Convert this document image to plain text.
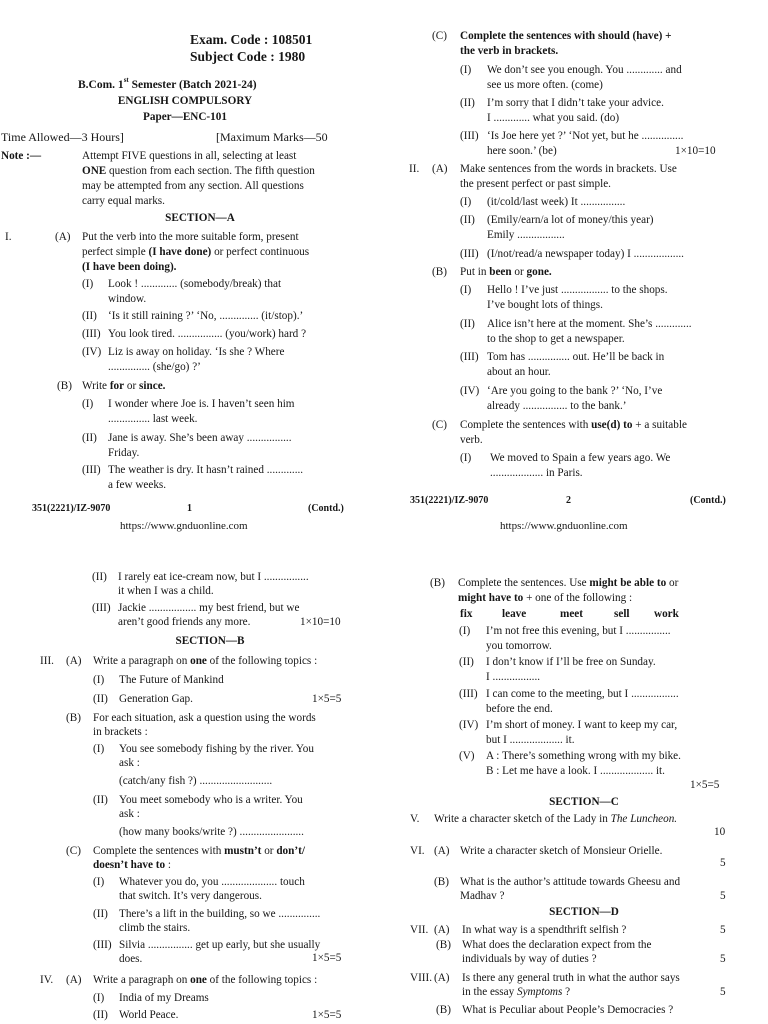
Exam. Code : 108501
Subject Code : 1980
B.Com. 1st Semester (Batch 2021-24)
ENGLISH COMPULSORY
Paper—ENC-101
Time Allowed—3 Hours]	[Maximum Marks—50
Note :—	Attempt FIVE questions in all, selecting at least
ONE question from each section. The fifth question
may be attempted from any section. All questions
carry equal marks.
SECTION—A
I.	(A) Put the verb into the more suitable form, present
perfect simple (I have done) or perfect continuous
(I have been doing).
(I) Look ! ............. (somebody/break) that
window.
(II) ‘Is it still raining ?’ ‘No, .............. (it/stop).’
(III) You look tired. ................ (you/work) hard ?
(IV) Liz is away on holiday. ‘Is she ? Where
............... (she/go) ?’
(B) Write for or since.
(I) I wonder where Joe is. I haven’t seen him
............... last week.
(II) Jane is away. She’s been away ................
Friday.
(III) The weather is dry. It hasn’t rained .............
a few weeks.
351(2221)/IZ-9070	1	(Contd.)
https://www.gnduonline.com
(C) Complete the sentences with should (have) +
the verb in brackets.
(I) We don’t see you enough. You ............. and
see us more often. (come)
(II) I’m sorry that I didn’t take your advice.
I ............. what you said. (do)
(III) ‘Is Joe here yet ?’ ‘Not yet, but he ...............
here soon.’ (be)	1×10=10
II. (A) Make sentences from the words in brackets. Use
the present perfect or past simple.
(I) (it/cold/last week) It ................
(II) (Emily/earn/a lot of money/this year)
Emily .................
(III) (I/not/read/a newspaper today) I ..................
(B) Put in been or gone.
(I) Hello ! I’ve just ................. to the shops.
I’ve bought lots of things.
(II) Alice isn’t here at the moment. She’s .............
to the shop to get a newspaper.
(III) Tom has ............... out. He’ll be back in
about an hour.
(IV) ‘Are you going to the bank ?’ ‘No, I’ve
already ................ to the bank.’
(C) Complete the sentences with use(d) to + a suitable
verb.
(I) We moved to Spain a few years ago. We
................... in Paris.
351(2221)/IZ-9070	2	(Contd.)
https://www.gnduonline.com
(II) I rarely eat ice-cream now, but I ................
it when I was a child.
(III) Jackie ................. my best friend, but we
aren’t good friends any more.	1×10=10
SECTION—B
III. (A) Write a paragraph on one of the following topics :
(I) The Future of Mankind
(II) Generation Gap.	1×5=5
(B) For each situation, ask a question using the words
in brackets :
(I) You see somebody fishing by the river. You
ask :
(catch/any fish ?) ..........................
(II) You meet somebody who is a writer. You
ask :
(how many books/write ?) .......................
(C) Complete the sentences with mustn’t or don’t/
doesn’t have to :
(I) Whatever you do, you .................... touch
that switch. It’s very dangerous.
(II) There’s a lift in the building, so we ...............
climb the stairs.
(III) Silvia ................ get up early, but she usually
does.	1×5=5
IV. (A) Write a paragraph on one of the following topics :
(I) India of my Dreams
(II) World Peace.	1×5=5
(B) Complete the sentences. Use might be able to or
might have to + one of the following :
fix	leave	meet	sell work
(I) I’m not free this evening, but I ................
you tomorrow.
(II) I don’t know if I’ll be free on Sunday.
I .................
(III) I can come to the meeting, but I .................
before the end.
(IV) I’m short of money. I want to keep my car,
but I ................... it.
(V) A : There’s something wrong with my bike.
B : Let me have a look. I ................... it.
1×5=5
SECTION—C
V. Write a character sketch of the Lady in The Luncheon.
10
VI. (A) Write a character sketch of Monsieur Orielle.
5
(B) What is the author’s attitude towards Gheesu and
Madhav ?	5
SECTION—D
VII. (A) In what way is a spendthrift selfish ?	5
(B) What does the declaration expect from the
individuals by way of duties ?	5
VIII. (A) Is there any general truth in what the author says
in the essay Symptoms ?	5
(B) What is Peculiar about People’s Democracies ?
